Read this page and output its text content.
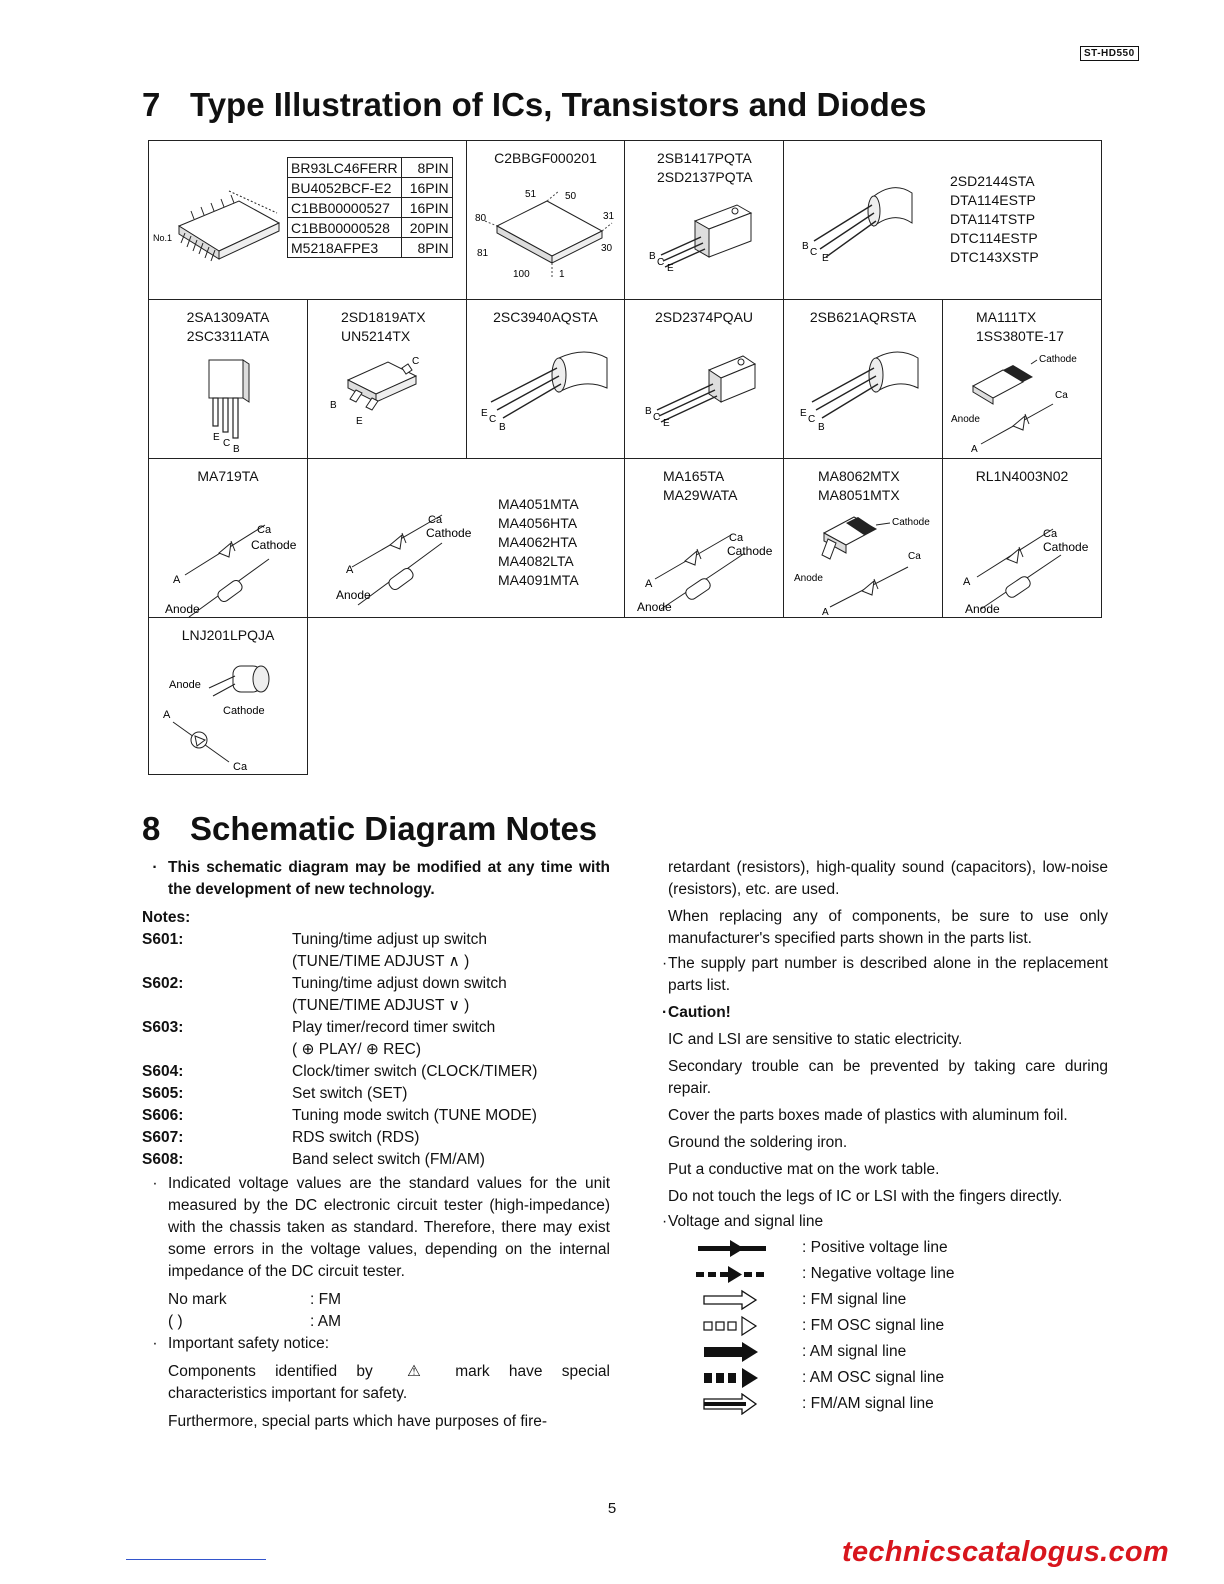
ST-HD550
7 Type Illustration of ICs, Transistors and Diodes
No.1
BR93LC46FERR	8PIN
BU4052BCF-E2	16PIN
C1BB00000527	16PIN
C1BB00000528	20PIN
M5218AFPE3	8PIN
C2BBGF000201
51	50
80	31
81	30
100	1
2SB1417PQTA
2SD2137PQTA
B
C
E
B
C
E
2SD2144STA
DTA114ESTP
DTA114TSTP
DTC114ESTP
DTC143XSTP
2SA1309ATA
2SC3311ATA
E
C
B
2SD1819ATX
UN5214TX
C
B
E
2SC3940AQSTA
E
C
B
2SD2374PQAU
B
C
E
2SB621AQRSTA
E
C
B
MA111TX
1SS380TE-17
Cathode
Ca
Anode
A
MA719TA
Ca
Cathode
A
Anode
Ca
Cathode
A
Anode
MA4051MTA
MA4056HTA
MA4062HTA
MA4082LTA
MA4091MTA
MA165TA
MA29WATA
Ca
Cathode
A
Anode
MA8062MTX
MA8051MTX
Cathode
Ca
Anode
A
RL1N4003N02
Ca
Cathode
A
Anode
LNJ201LPQJA
Anode
Cathode
A
Ca
8 Schematic Diagram Notes
· This schematic diagram may be modified at any time with the development of new technology.
Notes:
S601:	Tuning/time adjust up switch
(TUNE/TIME ADJUST ∧ )
S602:	Tuning/time adjust down switch
(TUNE/TIME ADJUST ∨ )
S603:	Play timer/record timer switch
( ⊕ PLAY/ ⊕ REC)
S604:	Clock/timer switch (CLOCK/TIMER)
S605:	Set switch (SET)
S606:	Tuning mode switch (TUNE MODE)
S607:	RDS switch (RDS)
S608:	Band select switch (FM/AM)
· Indicated voltage values are the standard values for the unit measured by the DC electronic circuit tester (high-impedance) with the chassis taken as standard. Therefore, there may exist some errors in the voltage values, depending on the internal impedance of the DC circuit tester.
No mark	: FM
( )	: AM
· Important safety notice:
Components identified by ⚠ mark have special characteristics important for safety.
Furthermore, special parts which have purposes of fire-
retardant (resistors), high-quality sound (capacitors), low-noise (resistors), etc. are used.
When replacing any of components, be sure to use only manufacturer's specified parts shown in the parts list.
· The supply part number is described alone in the replacement parts list.
· Caution!
IC and LSI are sensitive to static electricity.
Secondary trouble can be prevented by taking care during repair.
Cover the parts boxes made of plastics with aluminum foil.
Ground the soldering iron.
Put a conductive mat on the work table.
Do not touch the legs of IC or LSI with the fingers directly.
· Voltage and signal line
: Positive voltage line
: Negative voltage line
: FM signal line
: FM OSC signal line
: AM signal line
: AM OSC signal line
: FM/AM signal line
5
technicscatalogus.com
